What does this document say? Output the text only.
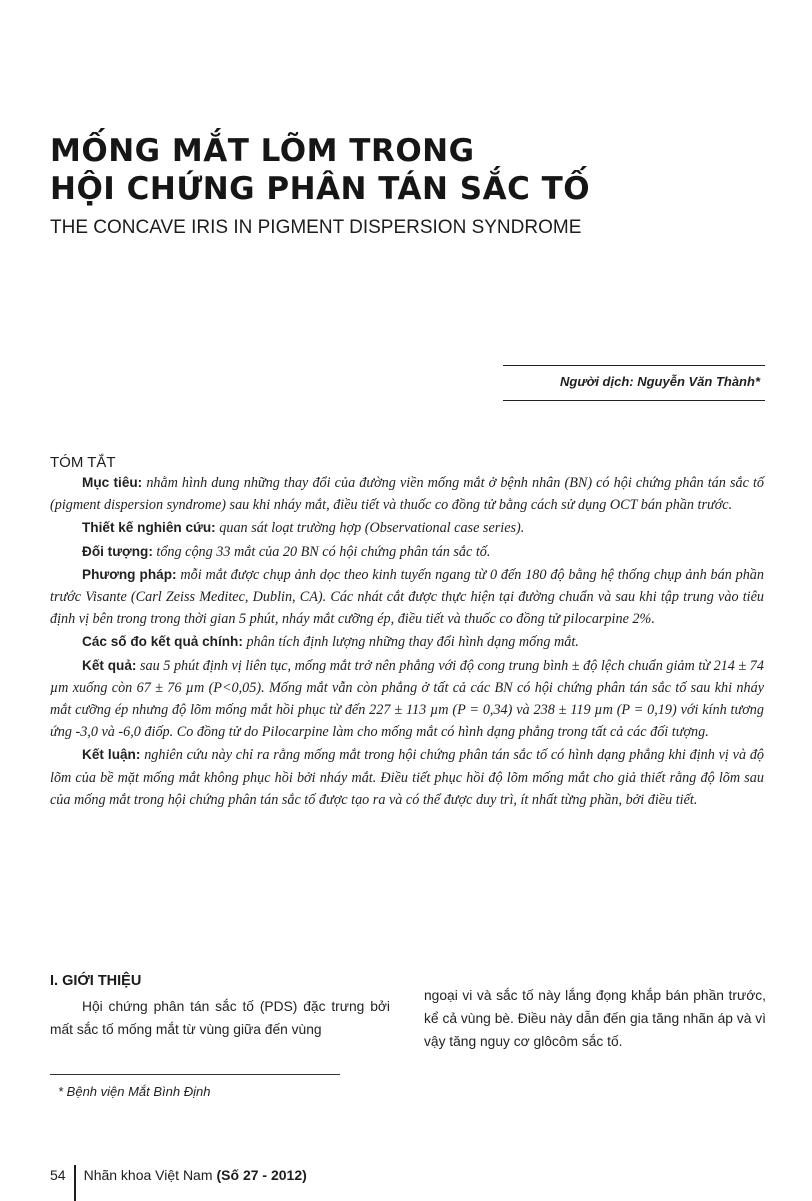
MỐNG MẮT LÕM TRONG
HỘI CHỨNG PHÂN TÁN SẮC TỐ
THE CONCAVE IRIS IN PIGMENT DISPERSION SYNDROME
Người dịch: Nguyễn Văn Thành*
TÓM TẮT

Mục tiêu: nhằm hình dung những thay đổi của đường viền mống mắt ở bệnh nhân (BN) có hội chứng phân tán sắc tố (pigment dispersion syndrome) sau khi nháy mắt, điều tiết và thuốc co đồng tử bằng cách sử dụng OCT bán phần trước.

Thiết kế nghiên cứu: quan sát loạt trường hợp (Observational case series).

Đối tượng: tổng cộng 33 mắt của 20 BN có hội chứng phân tán sắc tố.

Phương pháp: mỗi mắt được chụp ảnh dọc theo kinh tuyến ngang từ 0 đến 180 độ bằng hệ thống chụp ảnh bán phần trước Visante (Carl Zeiss Meditec, Dublin, CA). Các nhát cắt được thực hiện tại đường chuẩn và sau khi tập trung vào tiêu định vị bên trong trong thời gian 5 phút, nháy mắt cưỡng ép, điều tiết và thuốc co đồng tử pilocarpine 2%.

Các số đo kết quả chính: phân tích định lượng những thay đổi hình dạng mống mắt.

Kết quả: sau 5 phút định vị liên tục, mống mắt trở nên phẳng với độ cong trung bình ± độ lệch chuẩn giảm từ 214 ± 74 µm xuống còn 67 ± 76 µm (P<0,05). Mống mắt vẫn còn phẳng ở tất cả các BN có hội chứng phân tán sắc tố sau khi nháy mắt cưỡng ép nhưng độ lõm mống mắt hồi phục từ đến 227 ± 113 µm (P = 0,34) và 238 ± 119 µm (P = 0,19) với kính tương ứng -3,0 và -6,0 điốp. Co đồng tử do Pilocarpine làm cho mống mắt có hình dạng phẳng trong tất cả các đối tượng.

Kết luận: nghiên cứu này chỉ ra rằng mống mắt trong hội chứng phân tán sắc tố có hình dạng phẳng khi định vị và độ lõm của bề mặt mống mắt không phục hồi bởi nháy mắt. Điều tiết phục hồi độ lõm mống mắt cho giả thiết rằng độ lõm sau của mống mắt trong hội chứng phân tán sắc tố được tạo ra và có thể được duy trì, ít nhất từng phần, bởi điều tiết.

I. GIỚI THIỆU

Hội chứng phân tán sắc tố (PDS) đặc trưng bởi mất sắc tố mống mắt từ vùng giữa đến vùng

ngoại vi và sắc tố này lắng đọng khắp bán phần trước, kể cả vùng bè. Điều này dẫn đến gia tăng nhãn áp và vì vậy tăng nguy cơ glôcôm sắc tố.

* Bệnh viện Mắt Bình Định
54 Nhãn khoa Việt Nam (Số 27 - 2012)
